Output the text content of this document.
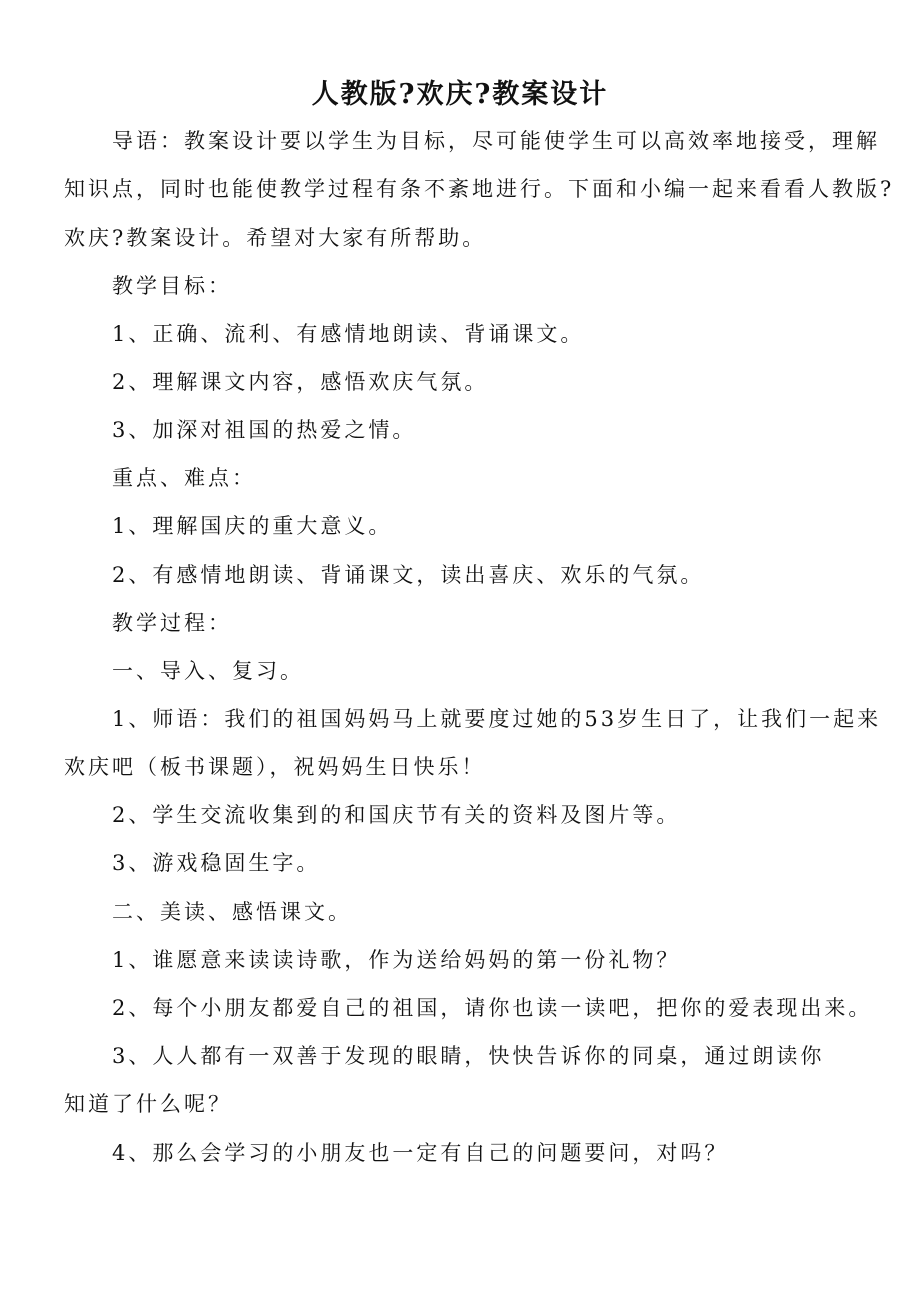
人教版?欢庆?教案设计

导语：教案设计要以学生为目标，尽可能使学生可以高效率地接受，理解

知识点，同时也能使教学过程有条不紊地进行。下面和小编一起来看看人教版?

欢庆?教案设计。希望对大家有所帮助。

教学目标：

1、正确、流利、有感情地朗读、背诵课文。

2、理解课文内容，感悟欢庆气氛。

3、加深对祖国的热爱之情。

重点、难点：

1、理解国庆的重大意义。

2、有感情地朗读、背诵课文，读出喜庆、欢乐的气氛。

教学过程：

一、导入、复习。

1、师语：我们的祖国妈妈马上就要度过她的53岁生日了，让我们一起来

欢庆吧（板书课题），祝妈妈生日快乐！

2、学生交流收集到的和国庆节有关的资料及图片等。

3、游戏稳固生字。

二、美读、感悟课文。

1、谁愿意来读读诗歌，作为送给妈妈的第一份礼物？

2、每个小朋友都爱自己的祖国，请你也读一读吧，把你的爱表现出来。

3、人人都有一双善于发现的眼睛，快快告诉你的同桌，通过朗读你

知道了什么呢？

4、那么会学习的小朋友也一定有自己的问题要问，对吗？
